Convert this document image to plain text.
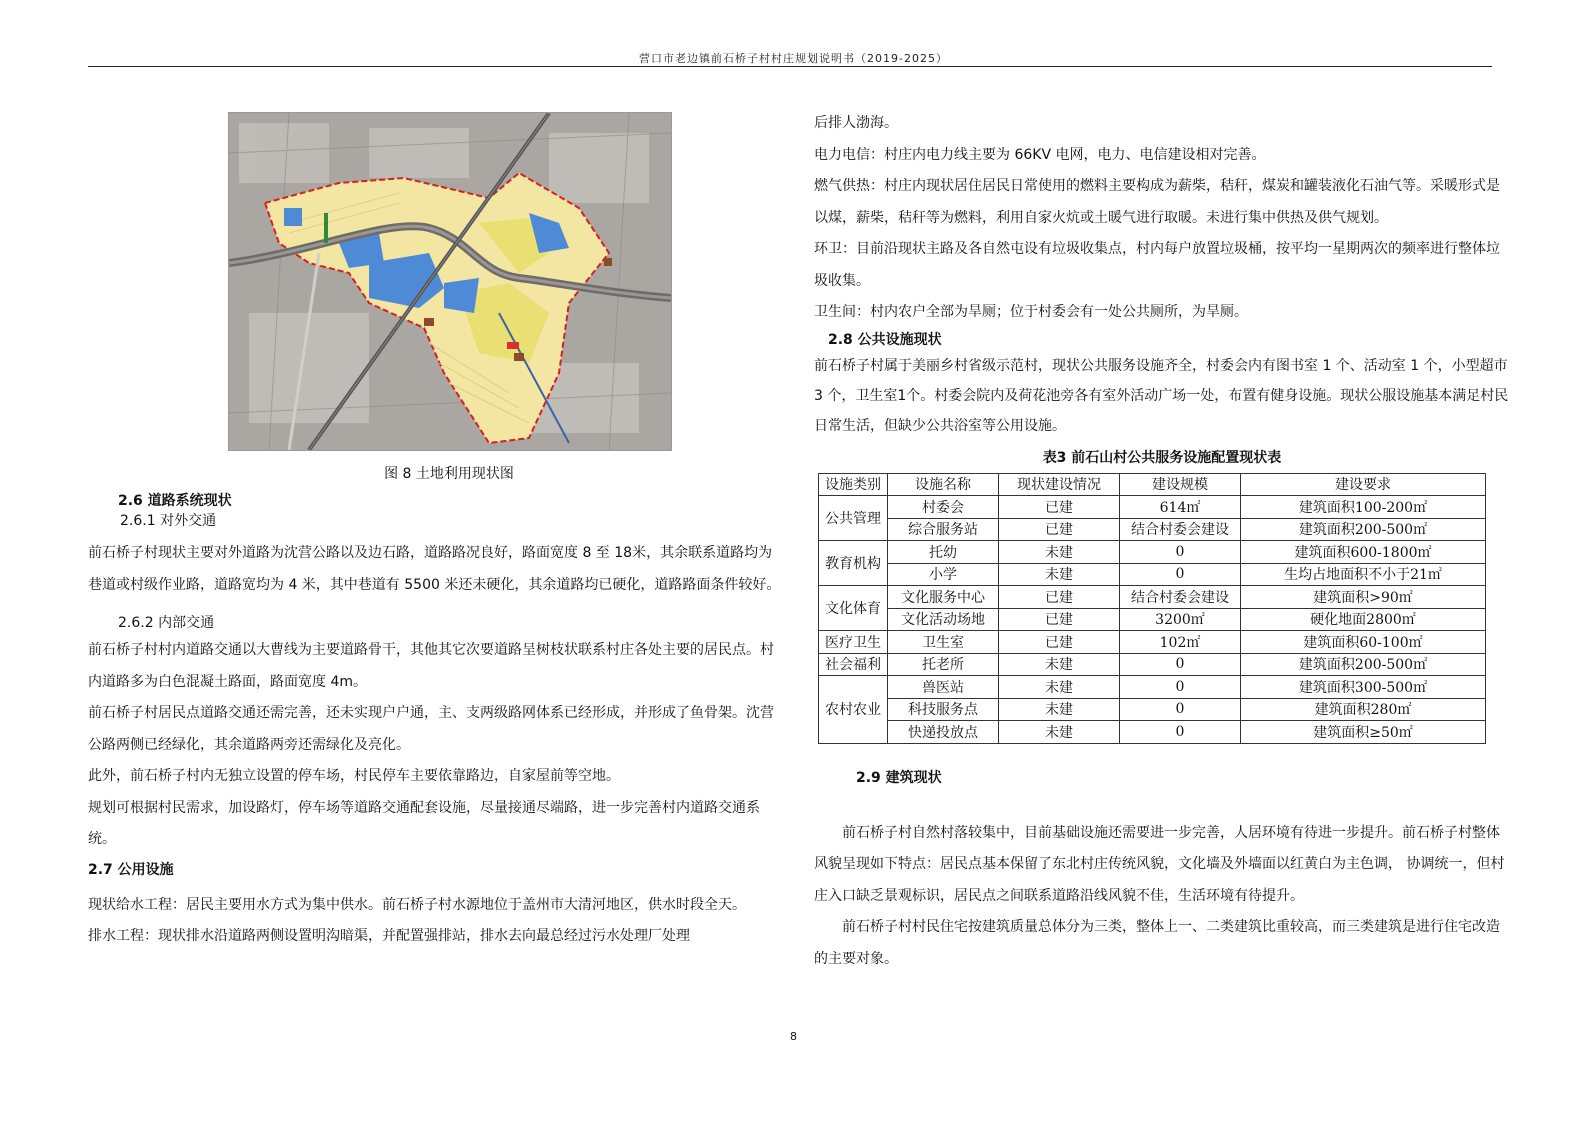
营口市老边镇前石桥子村村庄规划说明书（2019-2025）
图 8 土地利用现状图

2.6 道路系统现状

2.6.1 对外交通

前石桥子村现状主要对外道路为沈营公路以及边石路，道路路况良好，路面宽度 8 至 18米，其余联系道路均为巷道或村级作业路，道路宽均为 4 米，其中巷道有 5500 米还未硬化，其余道路均已硬化，道路路面条件较好。

2.6.2 内部交通

前石桥子村村内道路交通以大曹线为主要道路骨干，其他其它次要道路呈树枝状联系村庄各处主要的居民点。村内道路多为白色混凝土路面，路面宽度 4m。

前石桥子村居民点道路交通还需完善，还未实现户户通，主、支两级路网体系已经形成，并形成了鱼骨架。沈营公路两侧已经绿化，其余道路两旁还需绿化及亮化。

此外，前石桥子村内无独立设置的停车场，村民停车主要依靠路边，自家屋前等空地。

规划可根据村民需求，加设路灯，停车场等道路交通配套设施，尽量接通尽端路，进一步完善村内道路交通系统。

2.7 公用设施

现状给水工程：居民主要用水方式为集中供水。前石桥子村水源地位于盖州市大清河地区，供水时段全天。

排水工程：现状排水沿道路两侧设置明沟暗渠，并配置强排站，排水去向最总经过污水处理厂处理

后排人渤海。

电力电信：村庄内电力线主要为 66KV 电网，电力、电信建设相对完善。

燃气供热：村庄内现状居住居民日常使用的燃料主要构成为薪柴，秸秆，煤炭和罐装液化石油气等。采暖形式是以煤，薪柴，秸秆等为燃料，利用自家火炕或土暖气进行取暖。未进行集中供热及供气规划。

环卫：目前沿现状主路及各自然屯设有垃圾收集点，村内每户放置垃圾桶，按平均一星期两次的频率进行整体垃圾收集。

卫生间：村内农户全部为旱厕；位于村委会有一处公共厕所，为旱厕。

2.8 公共设施现状

前石桥子村属于美丽乡村省级示范村，现状公共服务设施齐全，村委会内有图书室 1 个、活动室 1 个，小型超市 3 个，卫生室1个。村委会院内及荷花池旁各有室外活动广场一处，布置有健身设施。现状公服设施基本满足村民日常生活，但缺少公共浴室等公用设施。

表3 前石山村公共服务设施配置现状表
设施类别	设施名称	现状建设情况	建设规模	建设要求
公共管理	村委会	已建	614㎡	建筑面积100-200㎡
	综合服务站	已建	结合村委会建设	建筑面积200-500㎡
教育机构	托幼	未建	0	建筑面积600-1800㎡
	小学	未建	0	生均占地面积不小于21㎡
文化体育	文化服务中心	已建	结合村委会建设	建筑面积>90㎡
	文化活动场地	已建	3200㎡	硬化地面2800㎡
医疗卫生	卫生室	已建	102㎡	建筑面积60-100㎡
社会福利	托老所	未建	0	建筑面积200-500㎡
农村农业	兽医站	未建	0	建筑面积300-500㎡
	科技服务点	未建	0	建筑面积280㎡
	快递投放点	未建	0	建筑面积≥50㎡

2.9 建筑现状

前石桥子村自然村落较集中，目前基础设施还需要进一步完善，人居环境有待进一步提升。前石桥子村整体风貌呈现如下特点：居民点基本保留了东北村庄传统风貌，文化墙及外墙面以红黄白为主色调， 协调统一，但村庄入口缺乏景观标识，居民点之间联系道路沿线风貌不佳，生活环境有待提升。

前石桥子村村民住宅按建筑质量总体分为三类，整体上一、二类建筑比重较高，而三类建筑是进行住宅改造的主要对象。

8
